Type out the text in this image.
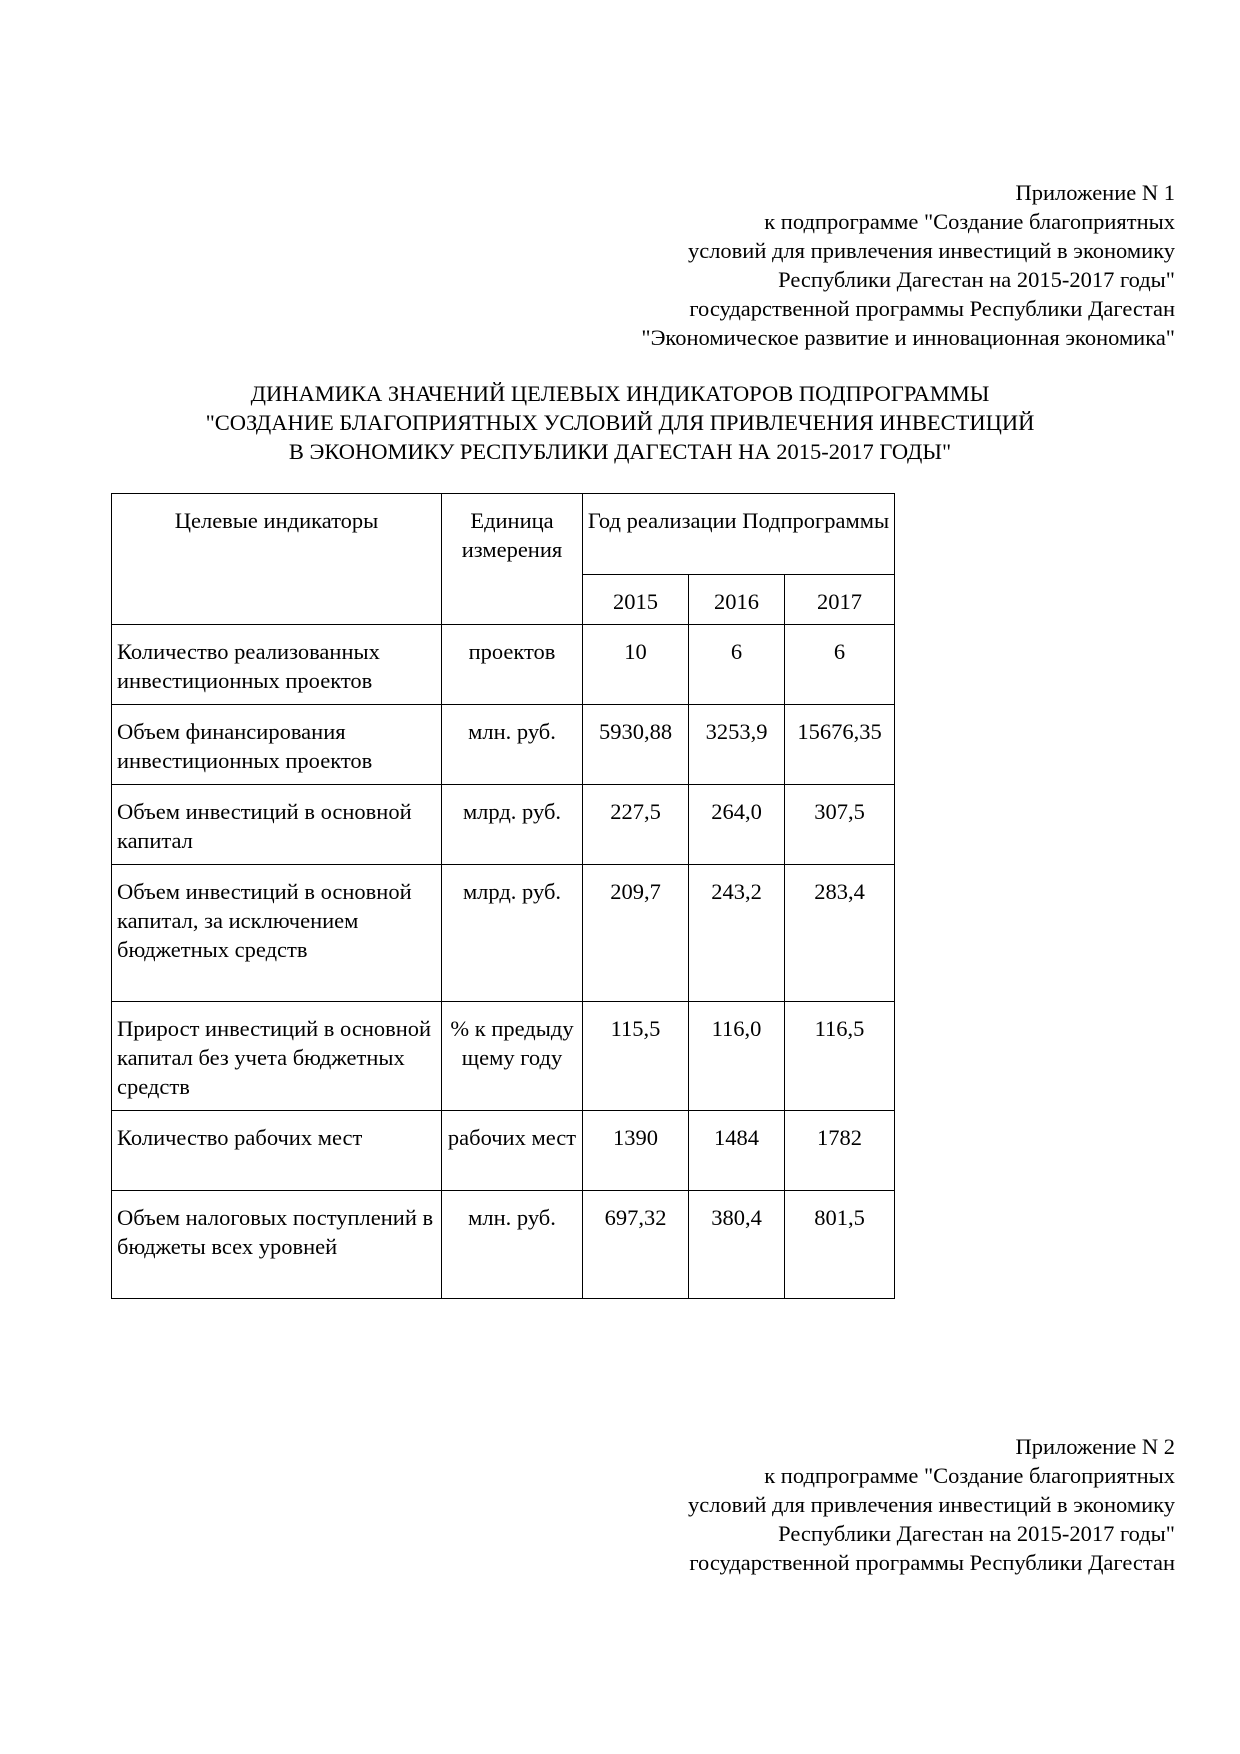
Приложение N 1
к подпрограмме "Создание благоприятных
условий для привлечения инвестиций в экономику
Республики Дагестан на 2015-2017 годы"
государственной программы Республики Дагестан
"Экономическое развитие и инновационная экономика"
ДИНАМИКА ЗНАЧЕНИЙ ЦЕЛЕВЫХ ИНДИКАТОРОВ ПОДПРОГРАММЫ
"СОЗДАНИЕ БЛАГОПРИЯТНЫХ УСЛОВИЙ ДЛЯ ПРИВЛЕЧЕНИЯ ИНВЕСТИЦИЙ
В ЭКОНОМИКУ РЕСПУБЛИКИ ДАГЕСТАН НА 2015-2017 ГОДЫ"
Целевые индикаторы	Единица измерения	Год реализации Подпрограммы		
		2015	2016	2017
Количество реализованных инвестиционных проектов	проектов	10	6	6
Объем финансирования инвестиционных проектов	млн. руб.	5930,88	3253,9	15676,35
Объем инвестиций в основной капитал	млрд. руб.	227,5	264,0	307,5
Объем инвестиций в основной капитал, за исключением бюджетных средств	млрд. руб.	209,7	243,2	283,4
Прирост инвестиций в основной капитал без учета бюджетных средств	% к предыдущему году	115,5	116,0	116,5
Количество рабочих мест	рабочих мест	1390	1484	1782
Объем налоговых поступлений в бюджеты всех уровней	млн. руб.	697,32	380,4	801,5
Приложение N 2
к подпрограмме "Создание благоприятных
условий для привлечения инвестиций в экономику
Республики Дагестан на 2015-2017 годы"
государственной программы Республики Дагестан
